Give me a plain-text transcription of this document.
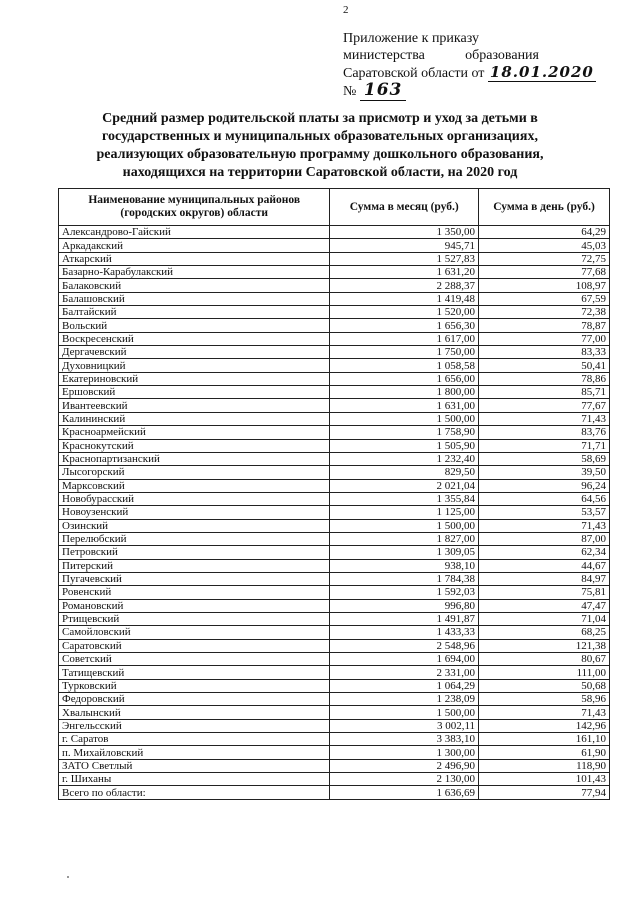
2
Приложение к приказу
министерства	образования
Саратовской области от 18.01.2020
№ 163
Средний размер родительской платы за присмотр и уход за детьми в
государственных и муниципальных образовательных организациях,
реализующих образовательную программу дошкольного образования,
находящихся на территории Саратовской области, на 2020 год
Наименование муниципальных районов (городских округов) области	Сумма в месяц (руб.)	Сумма в день (руб.)
Александрово-Гайский	1 350,00	64,29
Аркадакский	945,71	45,03
Аткарский	1 527,83	72,75
Базарно-Карабулакский	1 631,20	77,68
Балаковский	2 288,37	108,97
Балашовский	1 419,48	67,59
Балтайский	1 520,00	72,38
Вольский	1 656,30	78,87
Воскресенский	1 617,00	77,00
Дергачевский	1 750,00	83,33
Духовницкий	1 058,58	50,41
Екатериновский	1 656,00	78,86
Ершовский	1 800,00	85,71
Ивантеевский	1 631,00	77,67
Калининский	1 500,00	71,43
Красноармейский	1 758,90	83,76
Краснокутский	1 505,90	71,71
Краснопартизанский	1 232,40	58,69
Лысогорский	829,50	39,50
Марксовский	2 021,04	96,24
Новобурасский	1 355,84	64,56
Новоузенский	1 125,00	53,57
Озинский	1 500,00	71,43
Перелюбский	1 827,00	87,00
Петровский	1 309,05	62,34
Питерский	938,10	44,67
Пугачевский	1 784,38	84,97
Ровенский	1 592,03	75,81
Романовский	996,80	47,47
Ртищевский	1 491,87	71,04
Самойловский	1 433,33	68,25
Саратовский	2 548,96	121,38
Советский	1 694,00	80,67
Татищевский	2 331,00	111,00
Турковский	1 064,29	50,68
Федоровский	1 238,09	58,96
Хвалынский	1 500,00	71,43
Энгельсский	3 002,11	142,96
г. Саратов	3 383,10	161,10
п. Михайловский	1 300,00	61,90
ЗАТО Светлый	2 496,90	118,90
г. Шиханы	2 130,00	101,43
Всего по области:	1 636,69	77,94
